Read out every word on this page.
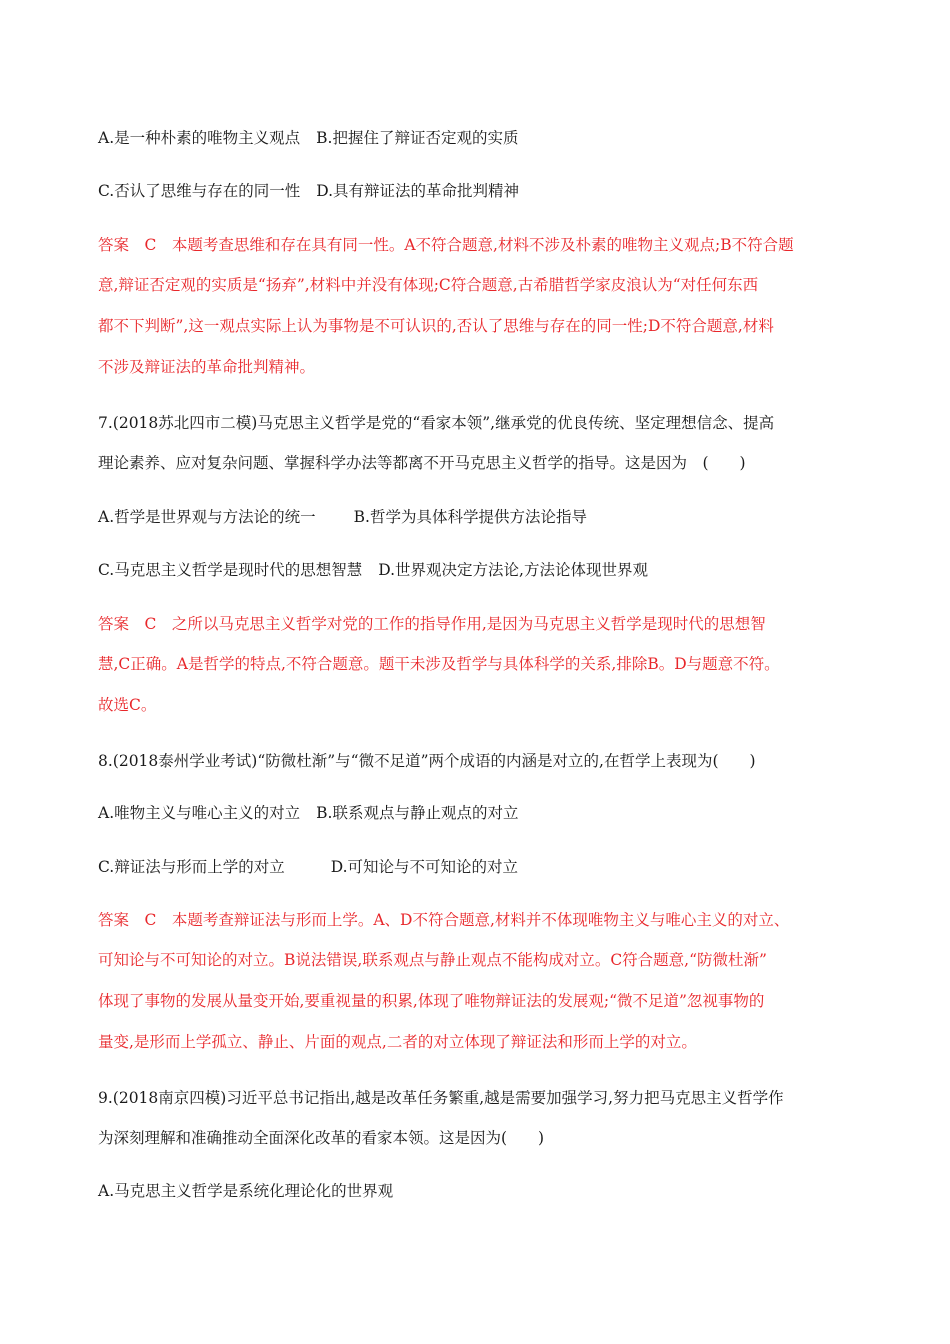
A.是一种朴素的唯物主义观点 B.把握住了辩证否定观的实质
C.否认了思维与存在的同一性 D.具有辩证法的革命批判精神
答案　C　本题考查思维和存在具有同一性。A不符合题意,材料不涉及朴素的唯物主义观点;B不符合题
意,辩证否定观的实质是“扬弃”,材料中并没有体现;C符合题意,古希腊哲学家皮浪认为“对任何东西
都不下判断”,这一观点实际上认为事物是不可认识的,否认了思维与存在的同一性;D不符合题意,材料
不涉及辩证法的革命批判精神。
7.(2018苏北四市二模)马克思主义哲学是党的“看家本领”,继承党的优良传统、坚定理想信念、提高
理论素养、应对复杂问题、掌握科学办法等都离不开马克思主义哲学的指导。这是因为　(　　)
A.哲学是世界观与方法论的统一 B.哲学为具体科学提供方法论指导
C.马克思主义哲学是现时代的思想智慧 D.世界观决定方法论,方法论体现世界观
答案　C　之所以马克思主义哲学对党的工作的指导作用,是因为马克思主义哲学是现时代的思想智
慧,C正确。A是哲学的特点,不符合题意。题干未涉及哲学与具体科学的关系,排除B。D与题意不符。
故选C。
8.(2018泰州学业考试)“防微杜渐”与“微不足道”两个成语的内涵是对立的,在哲学上表现为(　　)
A.唯物主义与唯心主义的对立 B.联系观点与静止观点的对立
C.辩证法与形而上学的对立	D.可知论与不可知论的对立
答案　C　本题考查辩证法与形而上学。A、D不符合题意,材料并不体现唯物主义与唯心主义的对立、
可知论与不可知论的对立。B说法错误,联系观点与静止观点不能构成对立。C符合题意,“防微杜渐”
体现了事物的发展从量变开始,要重视量的积累,体现了唯物辩证法的发展观;“微不足道”忽视事物的
量变,是形而上学孤立、静止、片面的观点,二者的对立体现了辩证法和形而上学的对立。
9.(2018南京四模)习近平总书记指出,越是改革任务繁重,越是需要加强学习,努力把马克思主义哲学作
为深刻理解和准确推动全面深化改革的看家本领。这是因为(　　)
A.马克思主义哲学是系统化理论化的世界观
